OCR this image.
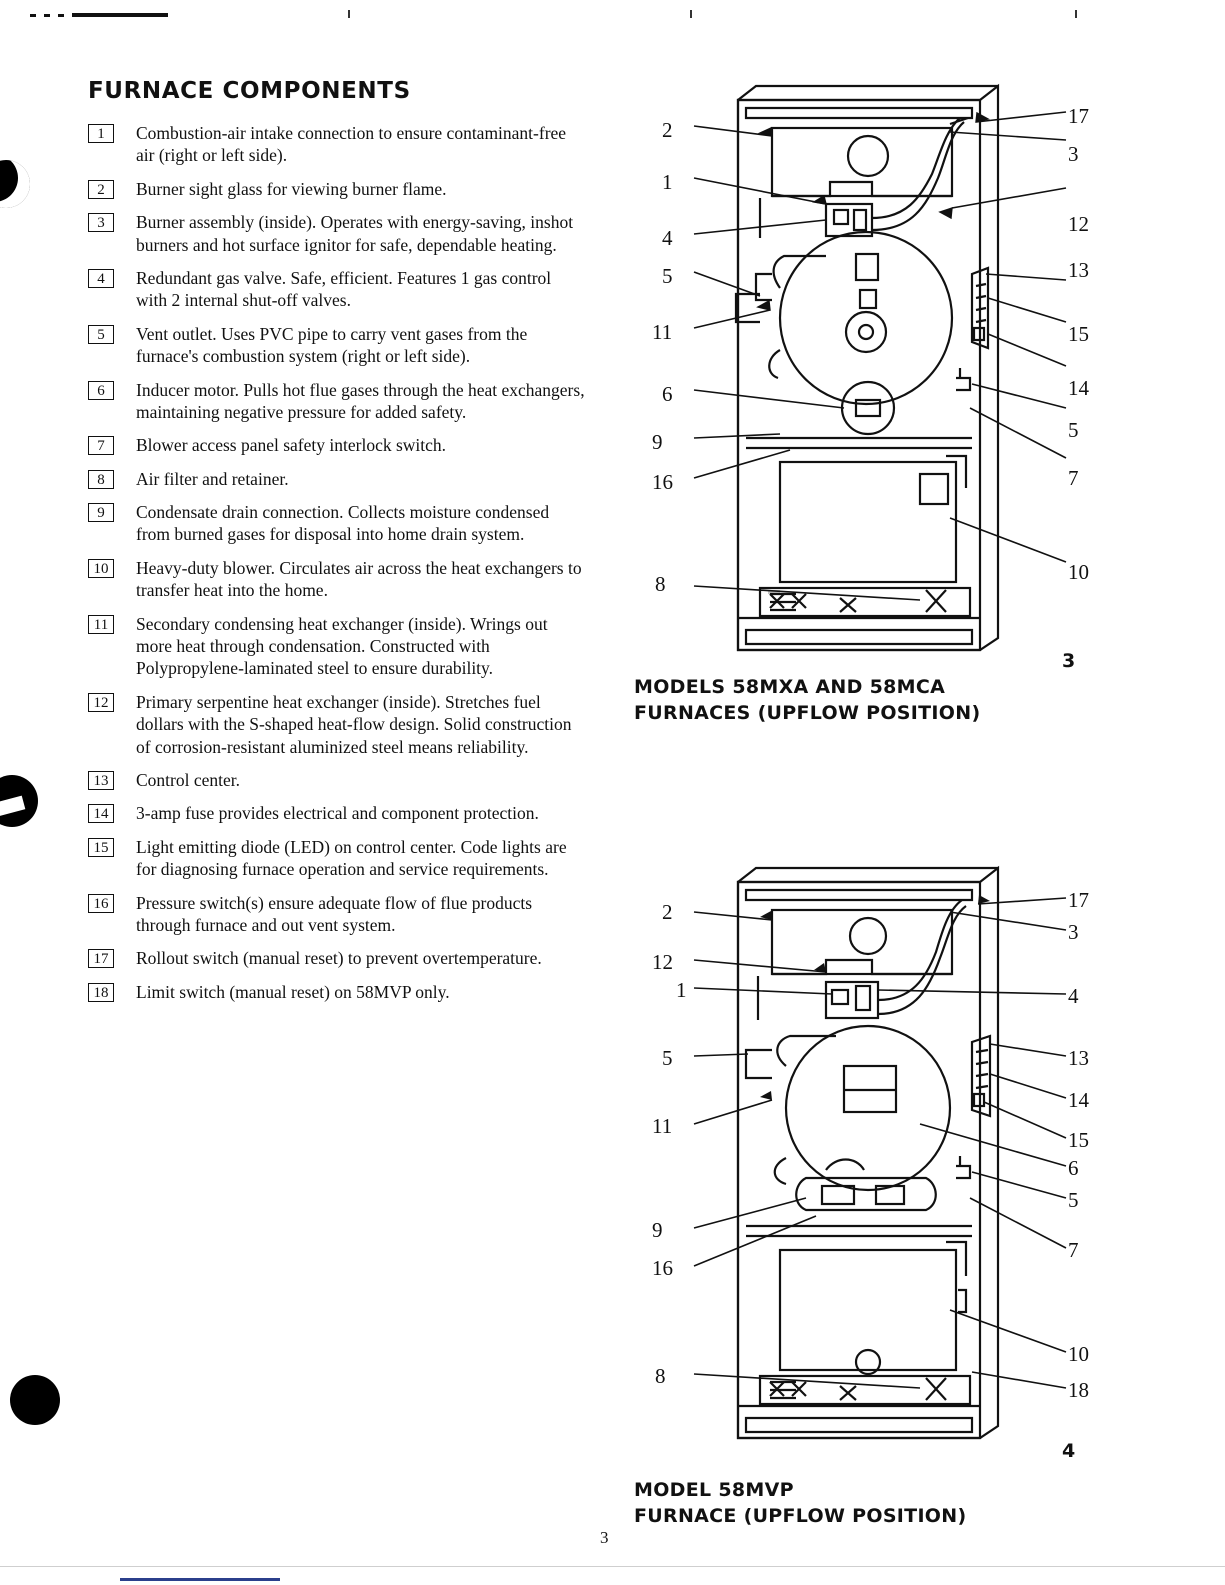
FURNACE COMPONENTS
1	Combustion-air intake connection to ensure contaminant-free air (right or left side).
2	Burner sight glass for viewing burner flame.
3	Burner assembly (inside). Operates with energy-saving, inshot burners and hot surface ignitor for safe, dependable heating.
4	Redundant gas valve. Safe, efficient. Features 1 gas control with 2 internal shut-off valves.
5	Vent outlet. Uses PVC pipe to carry vent gases from the furnace's combustion system (right or left side).
6	Inducer motor. Pulls hot flue gases through the heat exchangers, maintaining negative pressure for added safety.
7	Blower access panel safety interlock switch.
8	Air filter and retainer.
9	Condensate drain connection. Collects moisture condensed from burned gases for disposal into home drain system.
10	Heavy-duty blower. Circulates air across the heat exchangers to transfer heat into the home.
11	Secondary condensing heat exchanger (inside). Wrings out more heat through condensation. Constructed with Polypropylene-laminated steel to ensure durability.
12	Primary serpentine heat exchanger (inside). Stretches fuel dollars with the S-shaped heat-flow design. Solid construction of corrosion-resistant aluminized steel means reliability.
13	Control center.
14	3-amp fuse provides electrical and component protection.
15	Light emitting diode (LED) on control center. Code lights are for diagnosing furnace operation and service requirements.
16	Pressure switch(s) ensure adequate flow of flue products through furnace and out vent system.
17	Rollout switch (manual reset) to prevent overtemperature.
18	Limit switch (manual reset) on 58MVP only.
2
1
4
5
11
6
9
16
8
17
3
12
13
15
14
5
7
10
3
MODELS 58MXA AND 58MCA
FURNACES (UPFLOW POSITION)
2
12
1
5
11
9
16
8
17
3
4
13
14
15
6
5
7
10
18
4
MODEL 58MVP
FURNACE (UPFLOW POSITION)
3
